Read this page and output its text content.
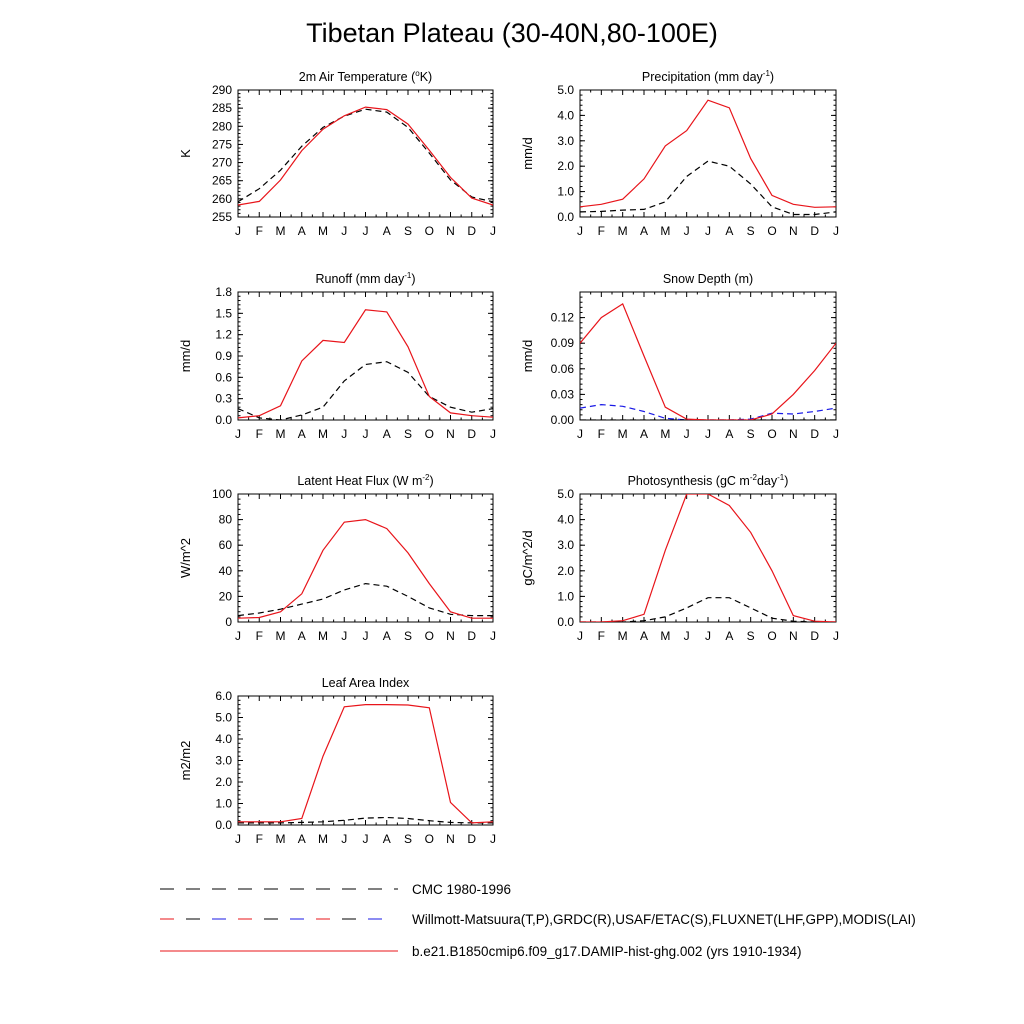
Tibetan Plateau (30-40N,80-100E)
J F M A M J J A S O N D J
255
260
265
270
275
280
285
290
K
2m Air Temperature ($^o$K)
J F M A M J J A S O N D J
0.0
1.0
2.0
3.0
4.0
5.0
mm/d
Precipitation (mm day$^{-1}$)
J F M A M J J A S O N D J
0.0
0.3
0.6
0.9
1.2
1.5
1.8
mm/d
Runoff (mm day$^{-1}$)
J F M A M J J A S O N D J
0.00
0.03
0.06
0.09
0.12
mm/d
Snow Depth (m)
J F M A M J J A S O N D J
0
20
40
60
80
100
W/m^2
Latent Heat Flux (W $m^{-2}$)
J F M A M J J A S O N D J
0.0
1.0
2.0
3.0
4.0
5.0
gC/m^2/d
Photosynthesis (gC $m^{-2}day^{-1}$)
J F M A M J J A S O N D J
0.0
1.0
2.0
3.0
4.0
5.0
6.0
m2/m2
Leaf Area Index
CMC 1980-1996
Willmott-Matsuura(T,P),GRDC(R),USAF/ETAC(S),FLUXNET(LHF,GPP),MODIS(LAI)
b.e21.B1850cmip6.f09_g17.DAMIP-hist-ghg.002 (yrs 1910-1934)
